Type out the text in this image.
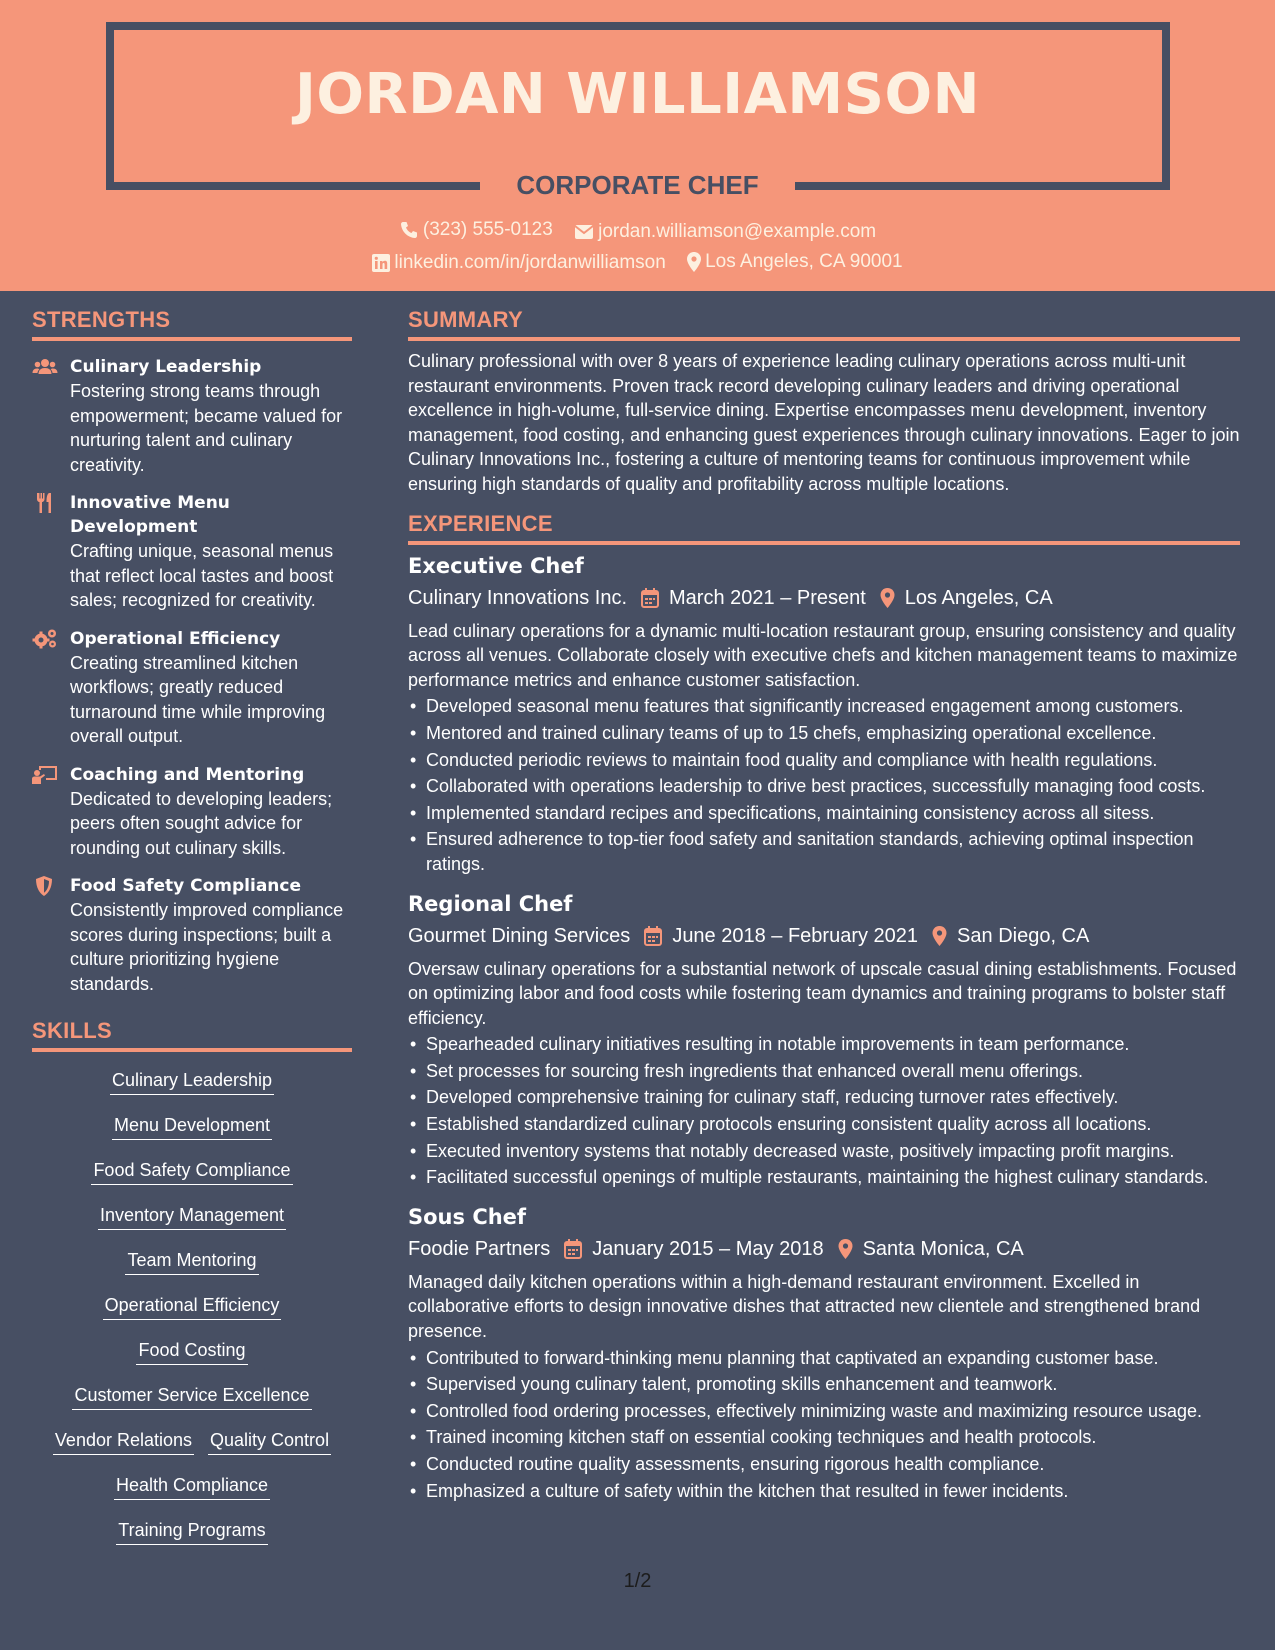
JORDAN WILLIAMSON
CORPORATE CHEF
(323) 555-0123
jordan.williamson@example.com
linkedin.com/in/jordanwilliamson
Los Angeles, CA 90001
STRENGTHS
Culinary Leadership
Fostering strong teams through empowerment; became valued for nurturing talent and culinary creativity.
Innovative Menu Development
Crafting unique, seasonal menus that reflect local tastes and boost sales; recognized for creativity.
Operational Efficiency
Creating streamlined kitchen workflows; greatly reduced turnaround time while improving overall output.
Coaching and Mentoring
Dedicated to developing leaders; peers often sought advice for rounding out culinary skills.
Food Safety Compliance
Consistently improved compliance scores during inspections; built a culture prioritizing hygiene standards.
SKILLS
Culinary Leadership
Menu Development
Food Safety Compliance
Inventory Management
Team Mentoring
Operational Efficiency
Food Costing
Customer Service Excellence
Vendor Relations Quality Control
Health Compliance
Training Programs
SUMMARY
Culinary professional with over 8 years of experience leading culinary operations across multi-unit restaurant environments. Proven track record developing culinary leaders and driving operational excellence in high-volume, full-service dining. Expertise encompasses menu development, inventory management, food costing, and enhancing guest experiences through culinary innovations. Eager to join Culinary Innovations Inc., fostering a culture of mentoring teams for continuous improvement while ensuring high standards of quality and profitability across multiple locations.
EXPERIENCE
Executive Chef
Culinary Innovations Inc. March 2021 – Present Los Angeles, CA
Lead culinary operations for a dynamic multi-location restaurant group, ensuring consistency and quality across all venues. Collaborate closely with executive chefs and kitchen management teams to maximize performance metrics and enhance customer satisfaction.
• Developed seasonal menu features that significantly increased engagement among customers.
• Mentored and trained culinary teams of up to 15 chefs, emphasizing operational excellence.
• Conducted periodic reviews to maintain food quality and compliance with health regulations.
• Collaborated with operations leadership to drive best practices, successfully managing food costs.
• Implemented standard recipes and specifications, maintaining consistency across all sitess.
• Ensured adherence to top-tier food safety and sanitation standards, achieving optimal inspection ratings.
Regional Chef
Gourmet Dining Services June 2018 – February 2021 San Diego, CA
Oversaw culinary operations for a substantial network of upscale casual dining establishments. Focused on optimizing labor and food costs while fostering team dynamics and training programs to bolster staff efficiency.
• Spearheaded culinary initiatives resulting in notable improvements in team performance.
• Set processes for sourcing fresh ingredients that enhanced overall menu offerings.
• Developed comprehensive training for culinary staff, reducing turnover rates effectively.
• Established standardized culinary protocols ensuring consistent quality across all locations.
• Executed inventory systems that notably decreased waste, positively impacting profit margins.
• Facilitated successful openings of multiple restaurants, maintaining the highest culinary standards.
Sous Chef
Foodie Partners January 2015 – May 2018 Santa Monica, CA
Managed daily kitchen operations within a high-demand restaurant environment. Excelled in collaborative efforts to design innovative dishes that attracted new clientele and strengthened brand presence.
• Contributed to forward-thinking menu planning that captivated an expanding customer base.
• Supervised young culinary talent, promoting skills enhancement and teamwork.
• Controlled food ordering processes, effectively minimizing waste and maximizing resource usage.
• Trained incoming kitchen staff on essential cooking techniques and health protocols.
• Conducted routine quality assessments, ensuring rigorous health compliance.
• Emphasized a culture of safety within the kitchen that resulted in fewer incidents.
1/2
